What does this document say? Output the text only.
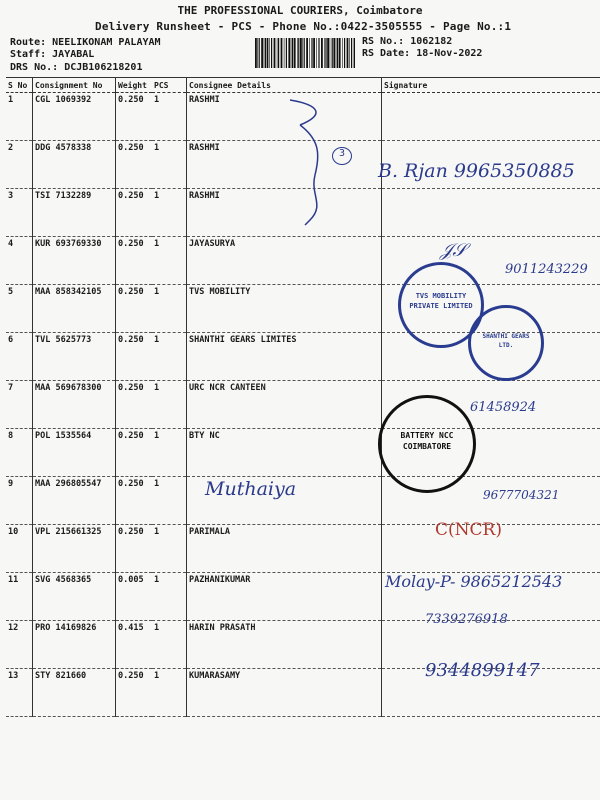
THE PROFESSIONAL COURIERS, Coimbatore
Delivery Runsheet - PCS - Phone No.:0422-3505555 - Page No.:1
Route: NEELIKONAM PALAYAM
Staff: JAYABAL
DRS No.: DCJB106218201
RS No.: 1062182
RS Date: 18-Nov-2022
S No	Consignment No	Weight	PCS	Consignee Details	Signature
1	CGL 1069392	0.250	1	RASHMI	
2	DDG 4578338	0.250	1	RASHMI	
3	TSI 7132289	0.250	1	RASHMI	
4	KUR 693769330	0.250	1	JAYASURYA	
5	MAA 858342105	0.250	1	TVS MOBILITY	
6	TVL 5625773	0.250	1	SHANTHI GEARS LIMITES	
7	MAA 569678300	0.250	1	URC NCR CANTEEN	
8	POL 1535564	0.250	1	BTY NC	
9	MAA 296805547	0.250	1		
10	VPL 215661325	0.250	1	PARIMALA	
11	SVG 4568365	0.005	1	PAZHANIKUMAR	
12	PRO 14169826	0.415	1	HARIN PRASATH	
13	STY 821660	0.250	1	KUMARASAMY	
3
B. Rjan 9965350885
9011243229
𝒥𝒮
61458924
Muthaiya	9677704321
C(NCR)
Molay-P- 9865212543
7339276918
9344899147
TVS MOBILITY PRIVATE LIMITED
SHANTHI GEARS LTD.
BATTERY NCC COIMBATORE
